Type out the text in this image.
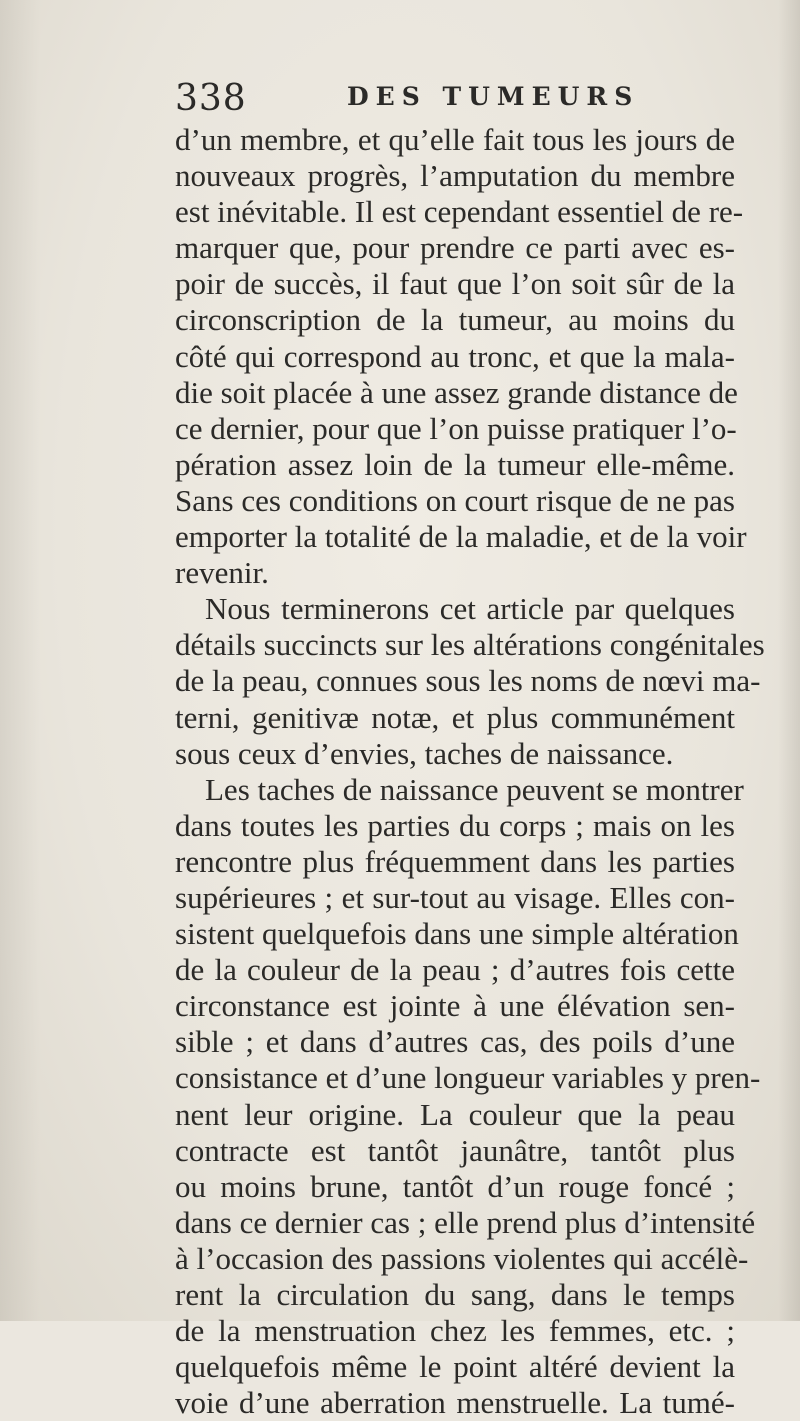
338	DES TUMEURS
d’un membre, et qu’elle fait tous les jours de
nouveaux progrès, l’amputation du membre
est inévitable. Il est cependant essentiel de re-
marquer que, pour prendre ce parti avec es-
poir de succès, il faut que l’on soit sûr de la
circonscription de la tumeur, au moins du
côté qui correspond au tronc, et que la mala-
die soit placée à une assez grande distance de
ce dernier, pour que l’on puisse pratiquer l’o-
pération assez loin de la tumeur elle-même.
Sans ces conditions on court risque de ne pas
emporter la totalité de la maladie, et de la voir
revenir.
Nous terminerons cet article par quelques
détails succincts sur les altérations congénitales
de la peau, connues sous les noms de nœvi ma-
terni, genitivæ notæ, et plus communément
sous ceux d’envies, taches de naissance.
Les taches de naissance peuvent se montrer
dans toutes les parties du corps ; mais on les
rencontre plus fréquemment dans les parties
supérieures ; et sur-tout au visage. Elles con-
sistent quelquefois dans une simple altération
de la couleur de la peau ; d’autres fois cette
circonstance est jointe à une élévation sen-
sible ; et dans d’autres cas, des poils d’une
consistance et d’une longueur variables y pren-
nent leur origine. La couleur que la peau
contracte est tantôt jaunâtre, tantôt plus
ou moins brune, tantôt d’un rouge foncé ;
dans ce dernier cas ; elle prend plus d’intensité
à l’occasion des passions violentes qui accélè-
rent la circulation du sang, dans le temps
de la menstruation chez les femmes, etc. ;
quelquefois même le point altéré devient la
voie d’une aberration menstruelle. La tumé-
